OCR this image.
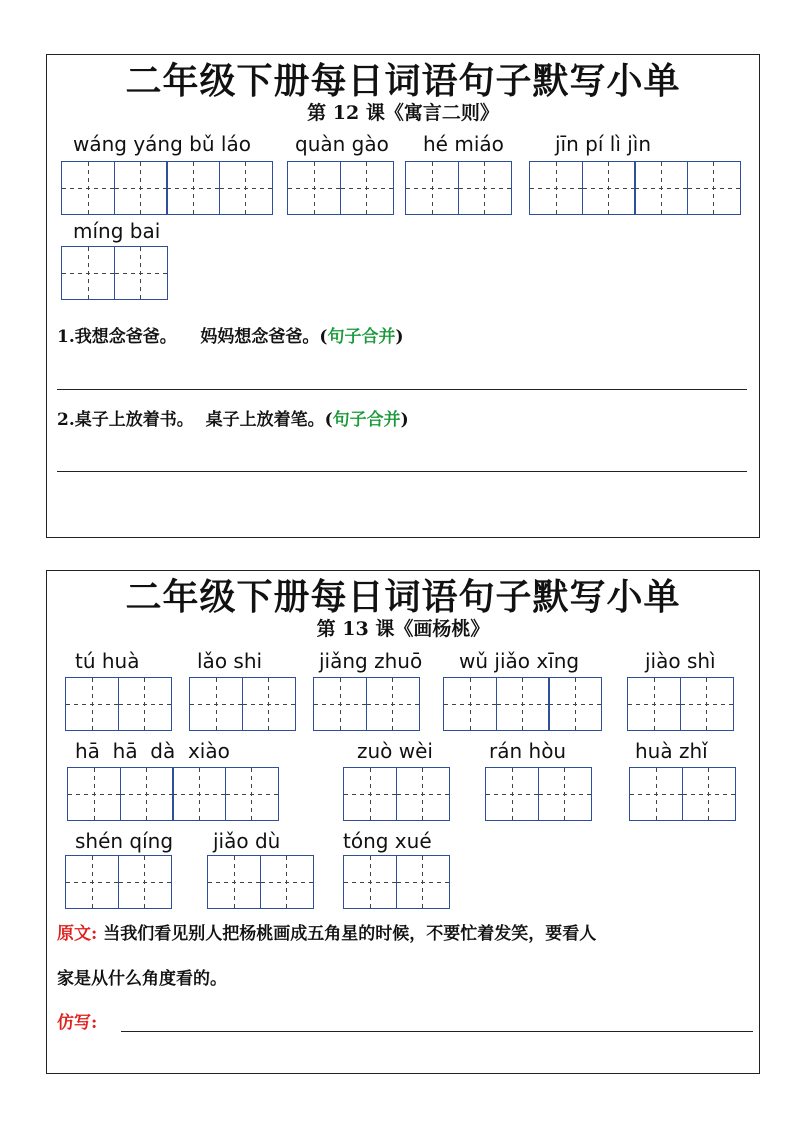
二年级下册每日词语句子默写小单
第 12 课《寓言二则》
wáng yáng bǔ láo quàn gào hé miáo	jīn pí lì jìn
míng bai
1.我想念爸爸。    妈妈想念爸爸。(句子合并)
2.桌子上放着书。  桌子上放着笔。(句子合并)
二年级下册每日词语句子默写小单
第 13 课《画杨桃》
tú huà	lǎo shi	jiǎng zhuō wǔ jiǎo xīng	jiào shì
hā  hā  dà  xiào	zuò wèi	rán hòu	huà zhǐ
shén qíng jiǎo dù	tóng xué
原文: 当我们看见别人把杨桃画成五角星的时候，不要忙着发笑，要看人
家是从什么角度看的。
仿写:
